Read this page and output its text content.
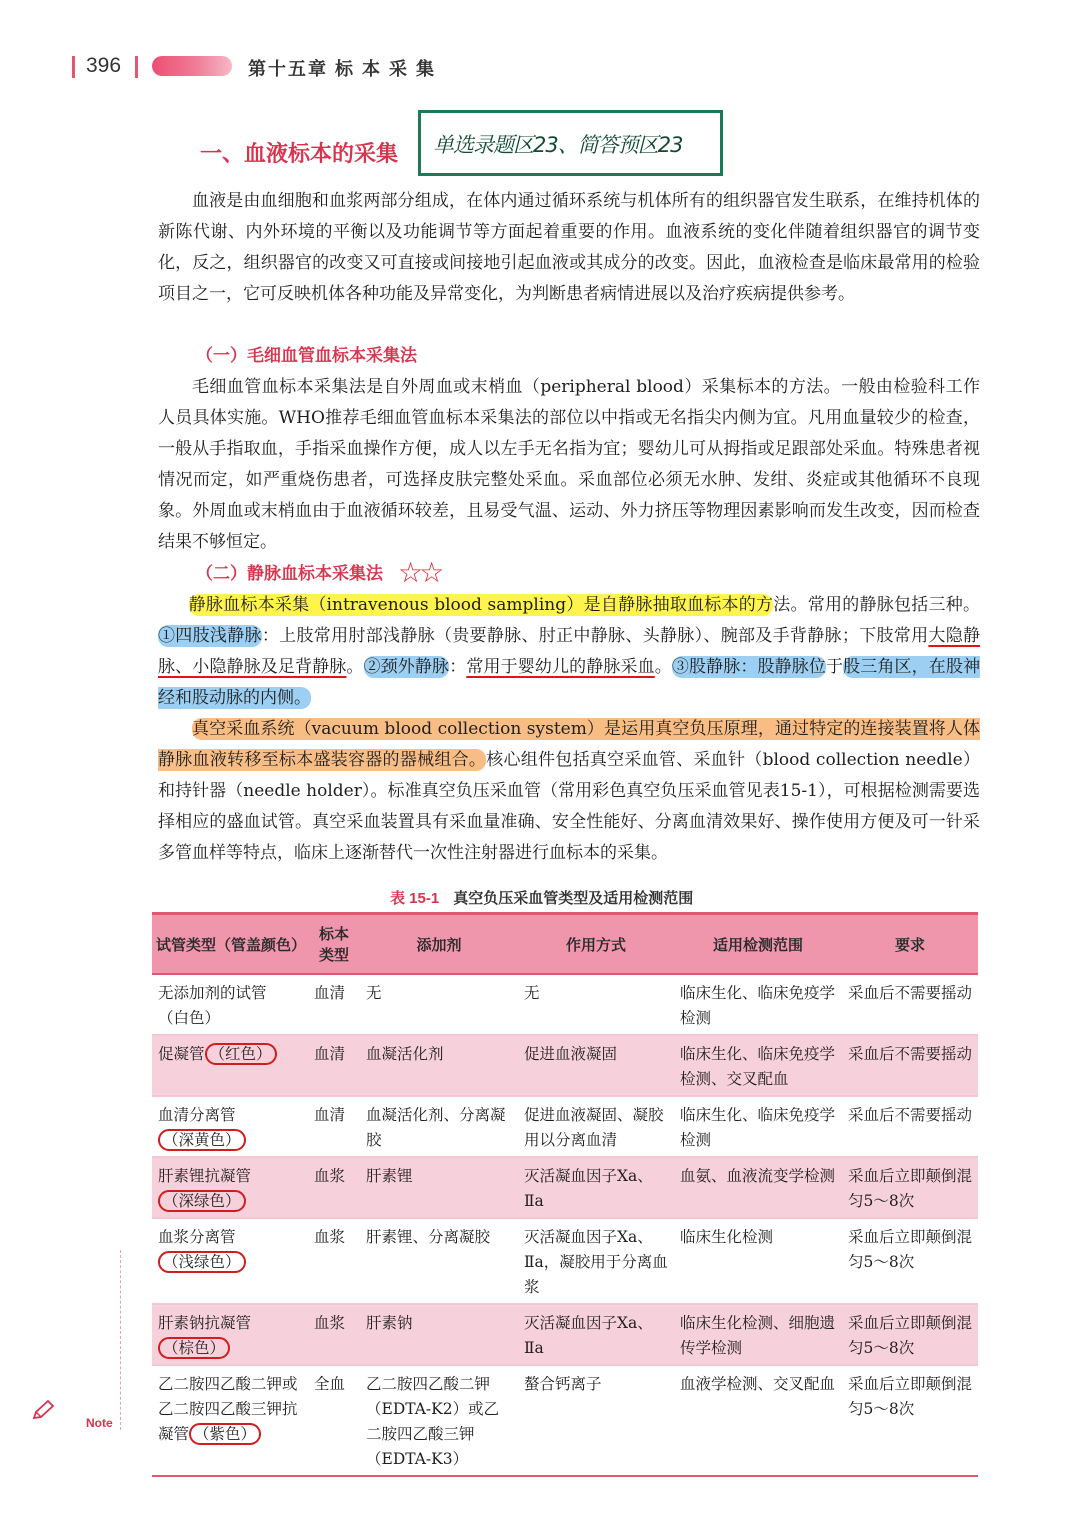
396	第十五章 标 本 采 集
一、血液标本的采集 单选录题区23、简答预区23

血液是由血细胞和血浆两部分组成，在体内通过循环系统与机体所有的组织器官发生联系，在维持机体的新陈代谢、内外环境的平衡以及功能调节等方面起着重要的作用。血液系统的变化伴随着组织器官的调节变化，反之，组织器官的改变又可直接或间接地引起血液或其成分的改变。因此，血液检查是临床最常用的检验项目之一，它可反映机体各种功能及异常变化，为判断患者病情进展以及治疗疾病提供参考。

（一）毛细血管血标本采集法

毛细血管血标本采集法是自外周血或末梢血（peripheral blood）采集标本的方法。一般由检验科工作人员具体实施。WHO推荐毛细血管血标本采集法的部位以中指或无名指尖内侧为宜。凡用血量较少的检查，一般从手指取血，手指采血操作方便，成人以左手无名指为宜；婴幼儿可从拇指或足跟部处采血。特殊患者视情况而定，如严重烧伤患者，可选择皮肤完整处采血。采血部位必须无水肿、发绀、炎症或其他循环不良现象。外周血或末梢血由于血液循环较差，且易受气温、运动、外力挤压等物理因素影响而发生改变，因而检查结果不够恒定。

（二）静脉血标本采集法 ☆☆

静脉血标本采集（intravenous blood sampling）是自静脉抽取血标本的方法。常用的静脉包括三种。①四肢浅静脉：上肢常用肘部浅静脉（贵要静脉、肘正中静脉、头静脉）、腕部及手背静脉；下肢常用大隐静脉、小隐静脉及足背静脉。②颈外静脉：常用于婴幼儿的静脉采血。③股静脉：股静脉位于股三角区，在股神经和股动脉的内侧。

真空采血系统（vacuum blood collection system）是运用真空负压原理，通过特定的连接装置将人体静脉血液转移至标本盛装容器的器械组合。核心组件包括真空采血管、采血针（blood collection needle）和持针器（needle holder）。标准真空负压采血管（常用彩色真空负压采血管见表15-1），可根据检测需要选择相应的盛血试管。真空采血装置具有采血量准确、安全性能好、分离血清效果好、操作使用方便及可一针采多管血样等特点，临床上逐渐替代一次性注射器进行血标本的采集。

表 15-1 真空负压采血管类型及适用检测范围
试管类型（管盖颜色）	标本类型	添加剂	作用方式	适用检测范围	要求
无添加剂的试管
（白色）	血清	无	无	临床生化、临床免疫学检测	采血后不需要摇动
促凝管 （红色）	血清	血凝活化剂	促进血液凝固	临床生化、临床免疫学检测、交叉配血	采血后不需要摇动
血清分离管
（深黄色）	血清	血凝活化剂、分离凝胶	促进血液凝固、凝胶用以分离血清	临床生化、临床免疫学检测	采血后不需要摇动
肝素锂抗凝管
（深绿色）	血浆	肝素锂	灭活凝血因子Xa、Ⅱa	血氨、血液流变学检测	采血后立即颠倒混匀5～8次
血浆分离管
（浅绿色）	血浆	肝素锂、分离凝胶	灭活凝血因子Xa、Ⅱa，凝胶用于分离血浆	临床生化检测	采血后立即颠倒混匀5～8次
肝素钠抗凝管
（棕色）	血浆	肝素钠	灭活凝血因子Xa、Ⅱa	临床生化检测、细胞遗传学检测	采血后立即颠倒混匀5～8次
乙二胺四乙酸二钾或乙二胺四乙酸三钾抗凝管 （紫色）	全血	乙二胺四乙酸二钾（EDTA-K2）或乙二胺四乙酸三钾（EDTA-K3）	螯合钙离子	血液学检测、交叉配血	采血后立即颠倒混匀5～8次
Note
